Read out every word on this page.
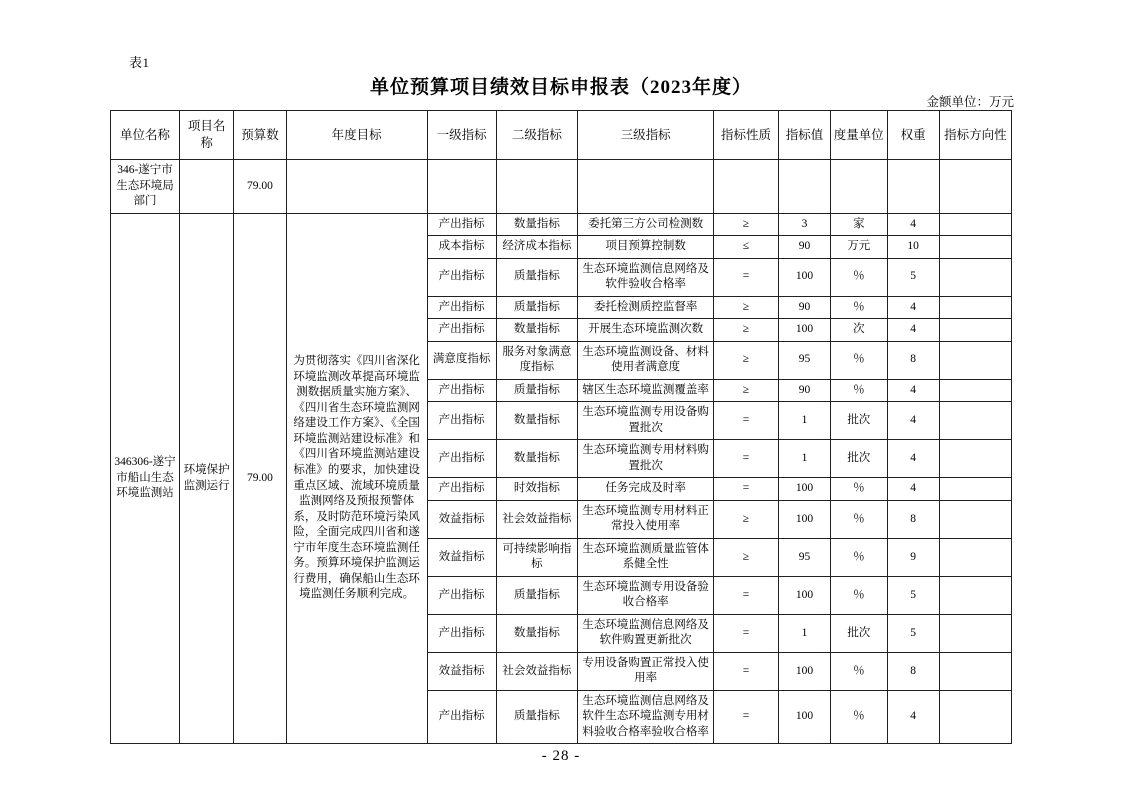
表1
单位预算项目绩效目标申报表（2023年度）
金额单位：万元
单位名称	项目名称	预算数	年度目标	一级指标	二级指标	三级指标	指标性质	指标值	度量单位	权重	指标方向性
346-遂宁市生态环境局部门		79.00									
346306-遂宁市船山生态环境监测站	环境保护监测运行	79.00	为贯彻落实《四川省深化环境监测改革提高环境监测数据质量实施方案》、《四川省生态环境监测网络建设工作方案》、《全国环境监测站建设标准》和《四川省环境监测站建设标准》的要求，加快建设重点区域、流域环境质量监测网络及预报预警体系，及时防范环境污染风险，全面完成四川省和遂宁市年度生态环境监测任务。预算环境保护监测运行费用，确保船山生态环境监测任务顺利完成。	产出指标	数量指标	委托第三方公司检测数	≥	3	家	4	
				成本指标	经济成本指标	项目预算控制数	≤	90	万元	10	
				产出指标	质量指标	生态环境监测信息网络及软件验收合格率	=	100	％	5	
				产出指标	质量指标	委托检测质控监督率	≥	90	％	4	
				产出指标	数量指标	开展生态环境监测次数	≥	100	次	4	
				满意度指标	服务对象满意度指标	生态环境监测设备、材料使用者满意度	≥	95	％	8	
				产出指标	质量指标	辖区生态环境监测覆盖率	≥	90	％	4	
				产出指标	数量指标	生态环境监测专用设备购置批次	=	1	批次	4	
				产出指标	数量指标	生态环境监测专用材料购置批次	=	1	批次	4	
				产出指标	时效指标	任务完成及时率	=	100	％	4	
				效益指标	社会效益指标	生态环境监测专用材料正常投入使用率	≥	100	％	8	
				效益指标	可持续影响指标	生态环境监测质量监管体系健全性	≥	95	％	9	
				产出指标	质量指标	生态环境监测专用设备验收合格率	=	100	％	5	
				产出指标	数量指标	生态环境监测信息网络及软件购置更新批次	=	1	批次	5	
				效益指标	社会效益指标	专用设备购置正常投入使用率	=	100	％	8	
				产出指标	质量指标	生态环境监测信息网络及软件生态环境监测专用材料验收合格率验收合格率	=	100	％	4	
- 28 -
